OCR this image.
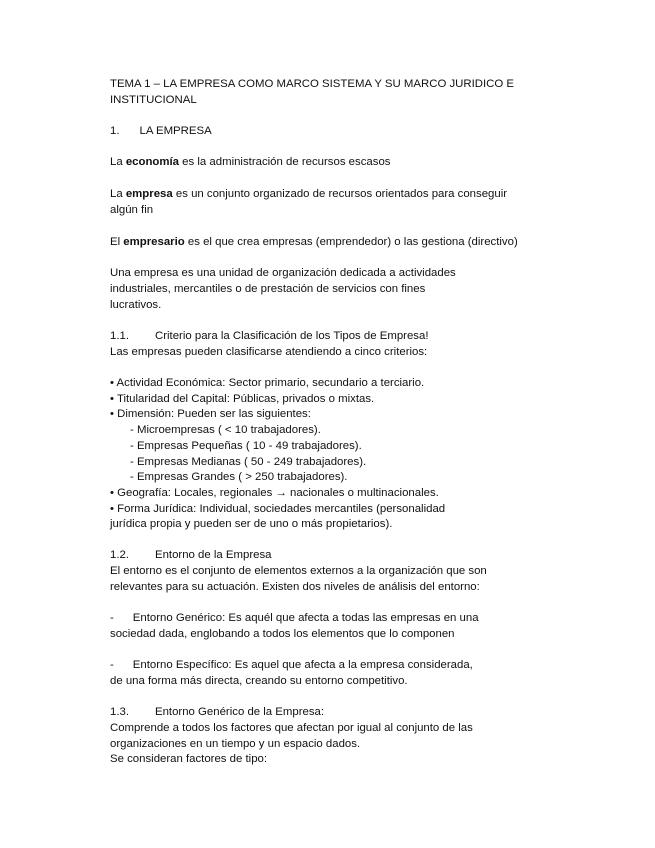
TEMA 1 – LA EMPRESA COMO MARCO SISTEMA Y SU MARCO JURIDICO E
INSTITUCIONAL
1. LA EMPRESA
La economía es la administración de recursos escasos
La empresa es un conjunto organizado de recursos orientados para conseguir
algún fin
El empresario es el que crea empresas (emprendedor) o las gestiona (directivo)
Una empresa es una unidad de organización dedicada a actividades
industriales, mercantiles o de prestación de servicios con fines
lucrativos.
1.1. Criterio para la Clasificación de los Tipos de Empresa!
Las empresas pueden clasificarse atendiendo a cinco criterios:
• Actividad Económica: Sector primario, secundario a terciario.
• Titularidad del Capital: Públicas, privados o mixtas.
• Dimensión: Pueden ser las siguientes:
- Microempresas ( < 10 trabajadores).
- Empresas Pequeñas ( 10 - 49 trabajadores).
- Empresas Medianas ( 50 - 249 trabajadores).
- Empresas Grandes ( > 250 trabajadores).
• Geografía: Locales, regionales → nacionales o multinacionales.
• Forma Jurídica: Individual, sociedades mercantiles (personalidad
jurídica propia y pueden ser de uno o más propietarios).
1.2. Entorno de la Empresa
El entorno es el conjunto de elementos externos a la organización que son
relevantes para su actuación. Existen dos niveles de análisis del entorno:
- Entorno Genérico: Es aquél que afecta a todas las empresas en una
sociedad dada, englobando a todos los elementos que lo componen
- Entorno Específico: Es aquel que afecta a la empresa considerada,
de una forma más directa, creando su entorno competitivo.
1.3. Entorno Genérico de la Empresa:
Comprende a todos los factores que afectan por igual al conjunto de las
organizaciones en un tiempo y un espacio dados.
Se consideran factores de tipo:
